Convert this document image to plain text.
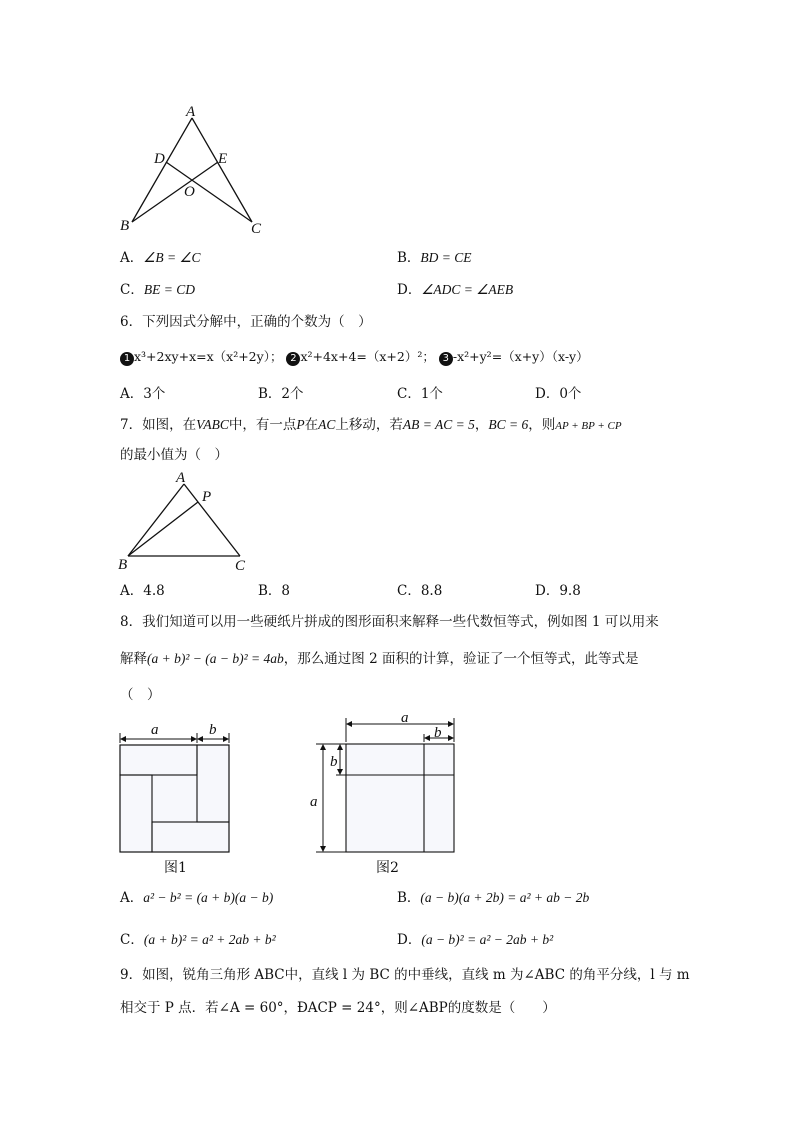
A
B	C
D	E
O
A．∠B = ∠C	B．BD = CE
C．BE = CD	D．∠ADC = ∠AEB
6．下列因式分解中，正确的个数为（　）
1 x³+2xy+x=x（x²+2y）； 2 x²+4x+4=（x+2）²； 3 -x²+y²=（x+y）（x-y）
A．3个	B．2个	C．1个	D．0个
7．如图，在VABC中，有一点P在AC上移动，若AB = AC = 5，BC = 6，则AP + BP + CP
的最小值为（　）
A
P
B	C
A．4.8	B．8	C．8.8	D．9.8
8．我们知道可以用一些硬纸片拼成的图形面积来解释一些代数恒等式，例如图 1 可以用来
解释(a + b)² − (a − b)² = 4ab，那么通过图 2 面积的计算，验证了一个恒等式，此等式是
（　）
a	b
图1
a
b
a
b
图2
A．a² − b² = (a + b)(a − b)	B．(a − b)(a + 2b) = a² + ab − 2b
C．(a + b)² = a² + 2ab + b²	D．(a − b)² = a² − 2ab + b²
9．如图，锐角三角形 ABC中，直线 l 为 BC 的中垂线，直线 m 为∠ABC 的角平分线，l 与 m
相交于 P 点．若∠A = 60°，ÐACP = 24°，则∠ABP的度数是（　　）
